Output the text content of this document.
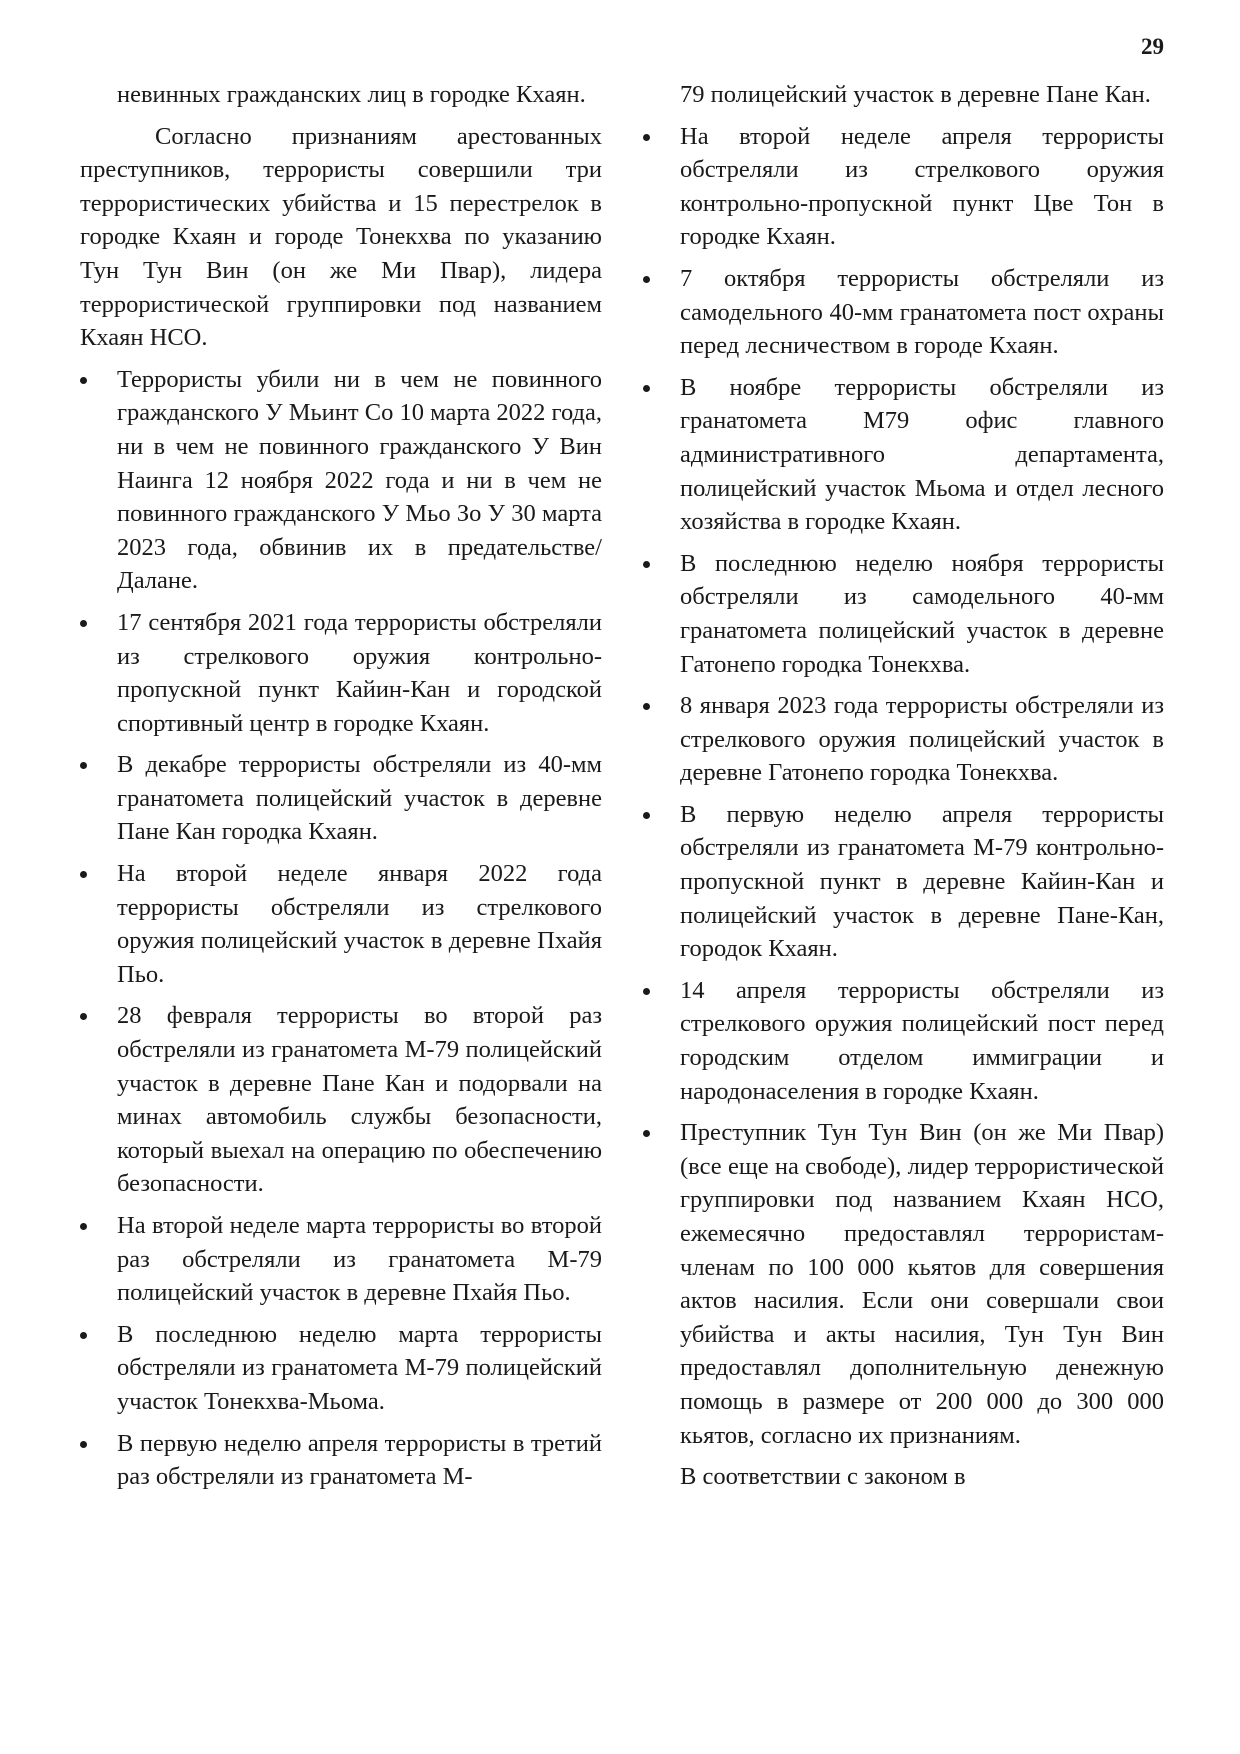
29

невинных гражданских лиц в городке Кхаян.

Согласно признаниям арестованных преступников, террористы совершили три террористических убийства и 15 перестрелок в городке Кхаян и городе Тонекхва по указанию Тун Тун Вин (он же Ми Пвар), лидера террористической группировки под названием Кхаян НСО.

Террористы убили ни в чем не повинного гражданского У Мьинт Со 10 марта 2022 года, ни в чем не повинного гражданского У Вин Наинга 12 ноября 2022 года и ни в чем не повинного гражданского У Мьо Зо У 30 марта 2023 года, обвинив их в предательстве/ Далане.
17 сентября 2021 года террористы обстреляли из стрелкового оружия контрольно-пропускной пункт Кайин-Кан и городской спортивный центр в городке Кхаян.
В декабре террористы обстреляли из 40-мм гранатомета полицейский участок в деревне Пане Кан городка Кхаян.
На второй неделе января 2022 года террористы обстреляли из стрелкового оружия полицейский участок в деревне Пхайя Пьо.
28 февраля террористы во второй раз обстреляли из гранатомета М-79 полицейский участок в деревне Пане Кан и подорвали на минах автомобиль службы безопасности, который выехал на операцию по обеспечению безопасности.
На второй неделе марта террористы во второй раз обстреляли из гранатомета М-79 полицейский участок в деревне Пхайя Пьо.
В последнюю неделю марта террористы обстреляли из гранатомета М-79 полицейский участок Тонекхва-Мьома.
В первую неделю апреля террористы в третий раз обстреляли из гранатомета М-

79 полицейский участок в деревне Пане Кан.

На второй неделе апреля террористы обстреляли из стрелкового оружия контрольно-пропускной пункт Цве Тон в городке Кхаян.
7 октября террористы обстреляли из самодельного 40-мм гранатомета пост охраны перед лесничеством в городе Кхаян.
В ноябре террористы обстреляли из гранатомета М79 офис главного административного департамента, полицейский участок Мьома и отдел лесного хозяйства в городке Кхаян.
В последнюю неделю ноября террористы обстреляли из самодельного 40-мм гранатомета полицейский участок в деревне Гатонепо городка Тонекхва.
8 января 2023 года террористы обстреляли из стрелкового оружия полицейский участок в деревне Гатонепо городка Тонекхва.
В первую неделю апреля террористы обстреляли из гранатомета М-79 контрольно-пропускной пункт в деревне Кайин-Кан и полицейский участок в деревне Пане-Кан, городок Кхаян.
14 апреля террористы обстреляли из стрелкового оружия полицейский пост перед городским отделом иммиграции и народонаселения в городке Кхаян.
Преступник Тун Тун Вин (он же Ми Пвар) (все еще на свободе), лидер террористической группировки под названием Кхаян НСО, ежемесячно предоставлял террористам-членам по 100 000 кьятов для совершения актов насилия. Если они совершали свои убийства и акты насилия, Тун Тун Вин предоставлял дополнительную денежную помощь в размере от 200 000 до 300 000 кьятов, согласно их признаниям.

В соответствии с законом в
